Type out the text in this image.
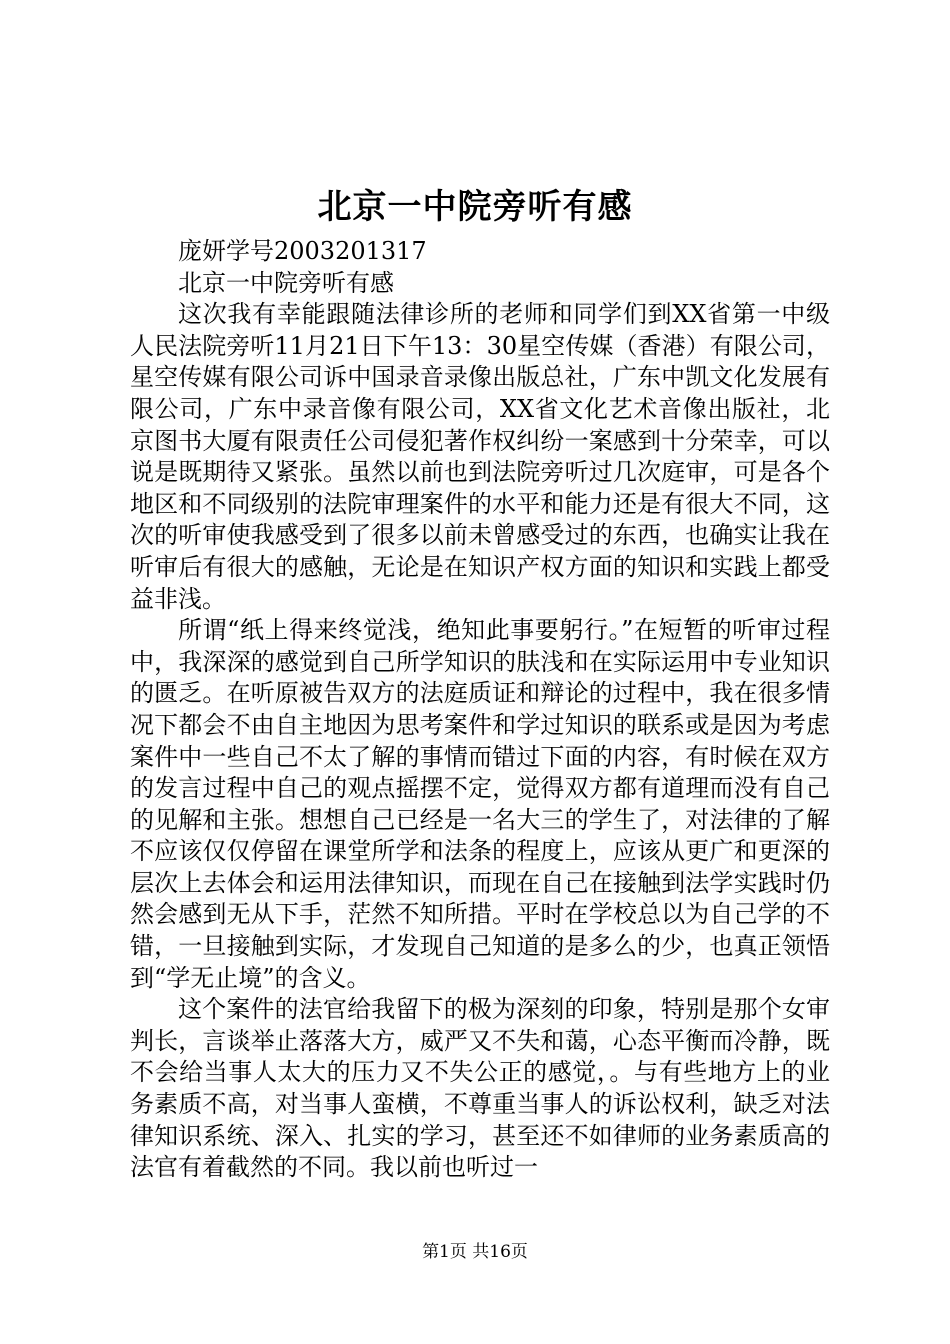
北京一中院旁听有感

庞妍学号2003201317

北京一中院旁听有感

这次我有幸能跟随法律诊所的老师和同学们到XX省第一中级人民法院旁听11月21日下午13：30星空传媒（香港）有限公司，星空传媒有限公司诉中国录音录像出版总社，广东中凯文化发展有限公司，广东中录音像有限公司，XX省文化艺术音像出版社，北京图书大厦有限责任公司侵犯著作权纠纷一案感到十分荣幸，可以说是既期待又紧张。虽然以前也到法院旁听过几次庭审，可是各个地区和不同级别的法院审理案件的水平和能力还是有很大不同，这次的听审使我感受到了很多以前未曾感受过的东西，也确实让我在听审后有很大的感触，无论是在知识产权方面的知识和实践上都受益非浅。

所谓“纸上得来终觉浅，绝知此事要躬行。”在短暂的听审过程中，我深深的感觉到自己所学知识的肤浅和在实际运用中专业知识的匮乏。在听原被告双方的法庭质证和辩论的过程中，我在很多情况下都会不由自主地因为思考案件和学过知识的联系或是因为考虑案件中一些自己不太了解的事情而错过下面的内容，有时候在双方的发言过程中自己的观点摇摆不定，觉得双方都有道理而没有自己的见解和主张。想想自己已经是一名大三的学生了，对法律的了解不应该仅仅停留在课堂所学和法条的程度上，应该从更广和更深的层次上去体会和运用法律知识，而现在自己在接触到法学实践时仍然会感到无从下手，茫然不知所措。平时在学校总以为自己学的不错，一旦接触到实际，才发现自己知道的是多么的少，也真正领悟到“学无止境”的含义。

这个案件的法官给我留下的极为深刻的印象，特别是那个女审判长，言谈举止落落大方，威严又不失和蔼，心态平衡而冷静，既不会给当事人太大的压力又不失公正的感觉，。与有些地方上的业务素质不高，对当事人蛮横，不尊重当事人的诉讼权利，缺乏对法律知识系统、深入、扎实的学习，甚至还不如律师的业务素质高的法官有着截然的不同。我以前也听过一

第1页 共16页
